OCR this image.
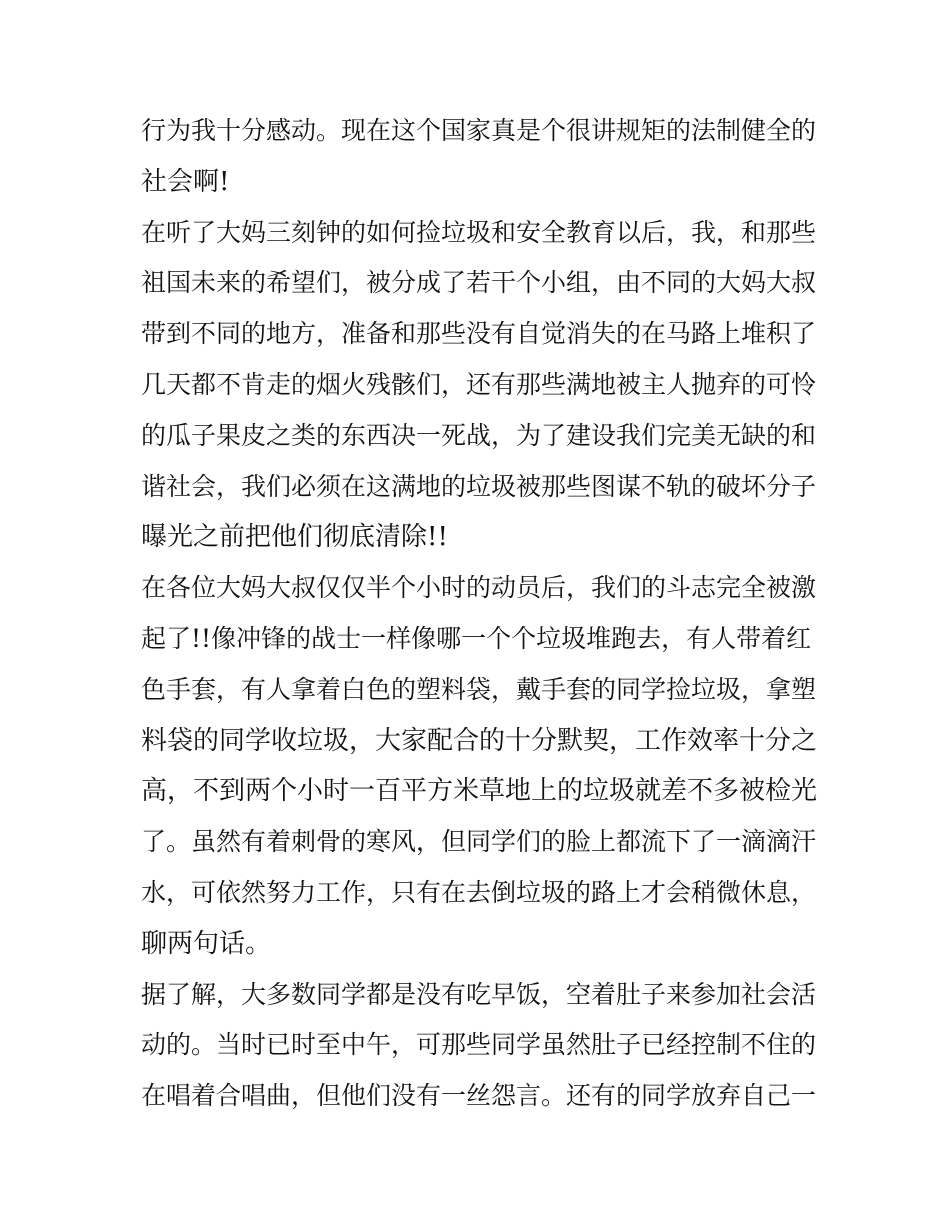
行为我十分感动。现在这个国家真是个很讲规矩的法制健全的
社会啊!
在听了大妈三刻钟的如何捡垃圾和安全教育以后，我，和那些
祖国未来的希望们，被分成了若干个小组，由不同的大妈大叔
带到不同的地方，准备和那些没有自觉消失的在马路上堆积了
几天都不肯走的烟火残骸们，还有那些满地被主人抛弃的可怜
的瓜子果皮之类的东西决一死战，为了建设我们完美无缺的和
谐社会，我们必须在这满地的垃圾被那些图谋不轨的破坏分子
曝光之前把他们彻底清除!!
在各位大妈大叔仅仅半个小时的动员后，我们的斗志完全被激
起了!!像冲锋的战士一样像哪一个个垃圾堆跑去，有人带着红
色手套，有人拿着白色的塑料袋，戴手套的同学捡垃圾，拿塑
料袋的同学收垃圾，大家配合的十分默契，工作效率十分之
高，不到两个小时一百平方米草地上的垃圾就差不多被检光
了。虽然有着刺骨的寒风，但同学们的脸上都流下了一滴滴汗
水，可依然努力工作，只有在去倒垃圾的路上才会稍微休息，
聊两句话。
据了解，大多数同学都是没有吃早饭，空着肚子来参加社会活
动的。当时已时至中午，可那些同学虽然肚子已经控制不住的
在唱着合唱曲，但他们没有一丝怨言。还有的同学放弃自己一
